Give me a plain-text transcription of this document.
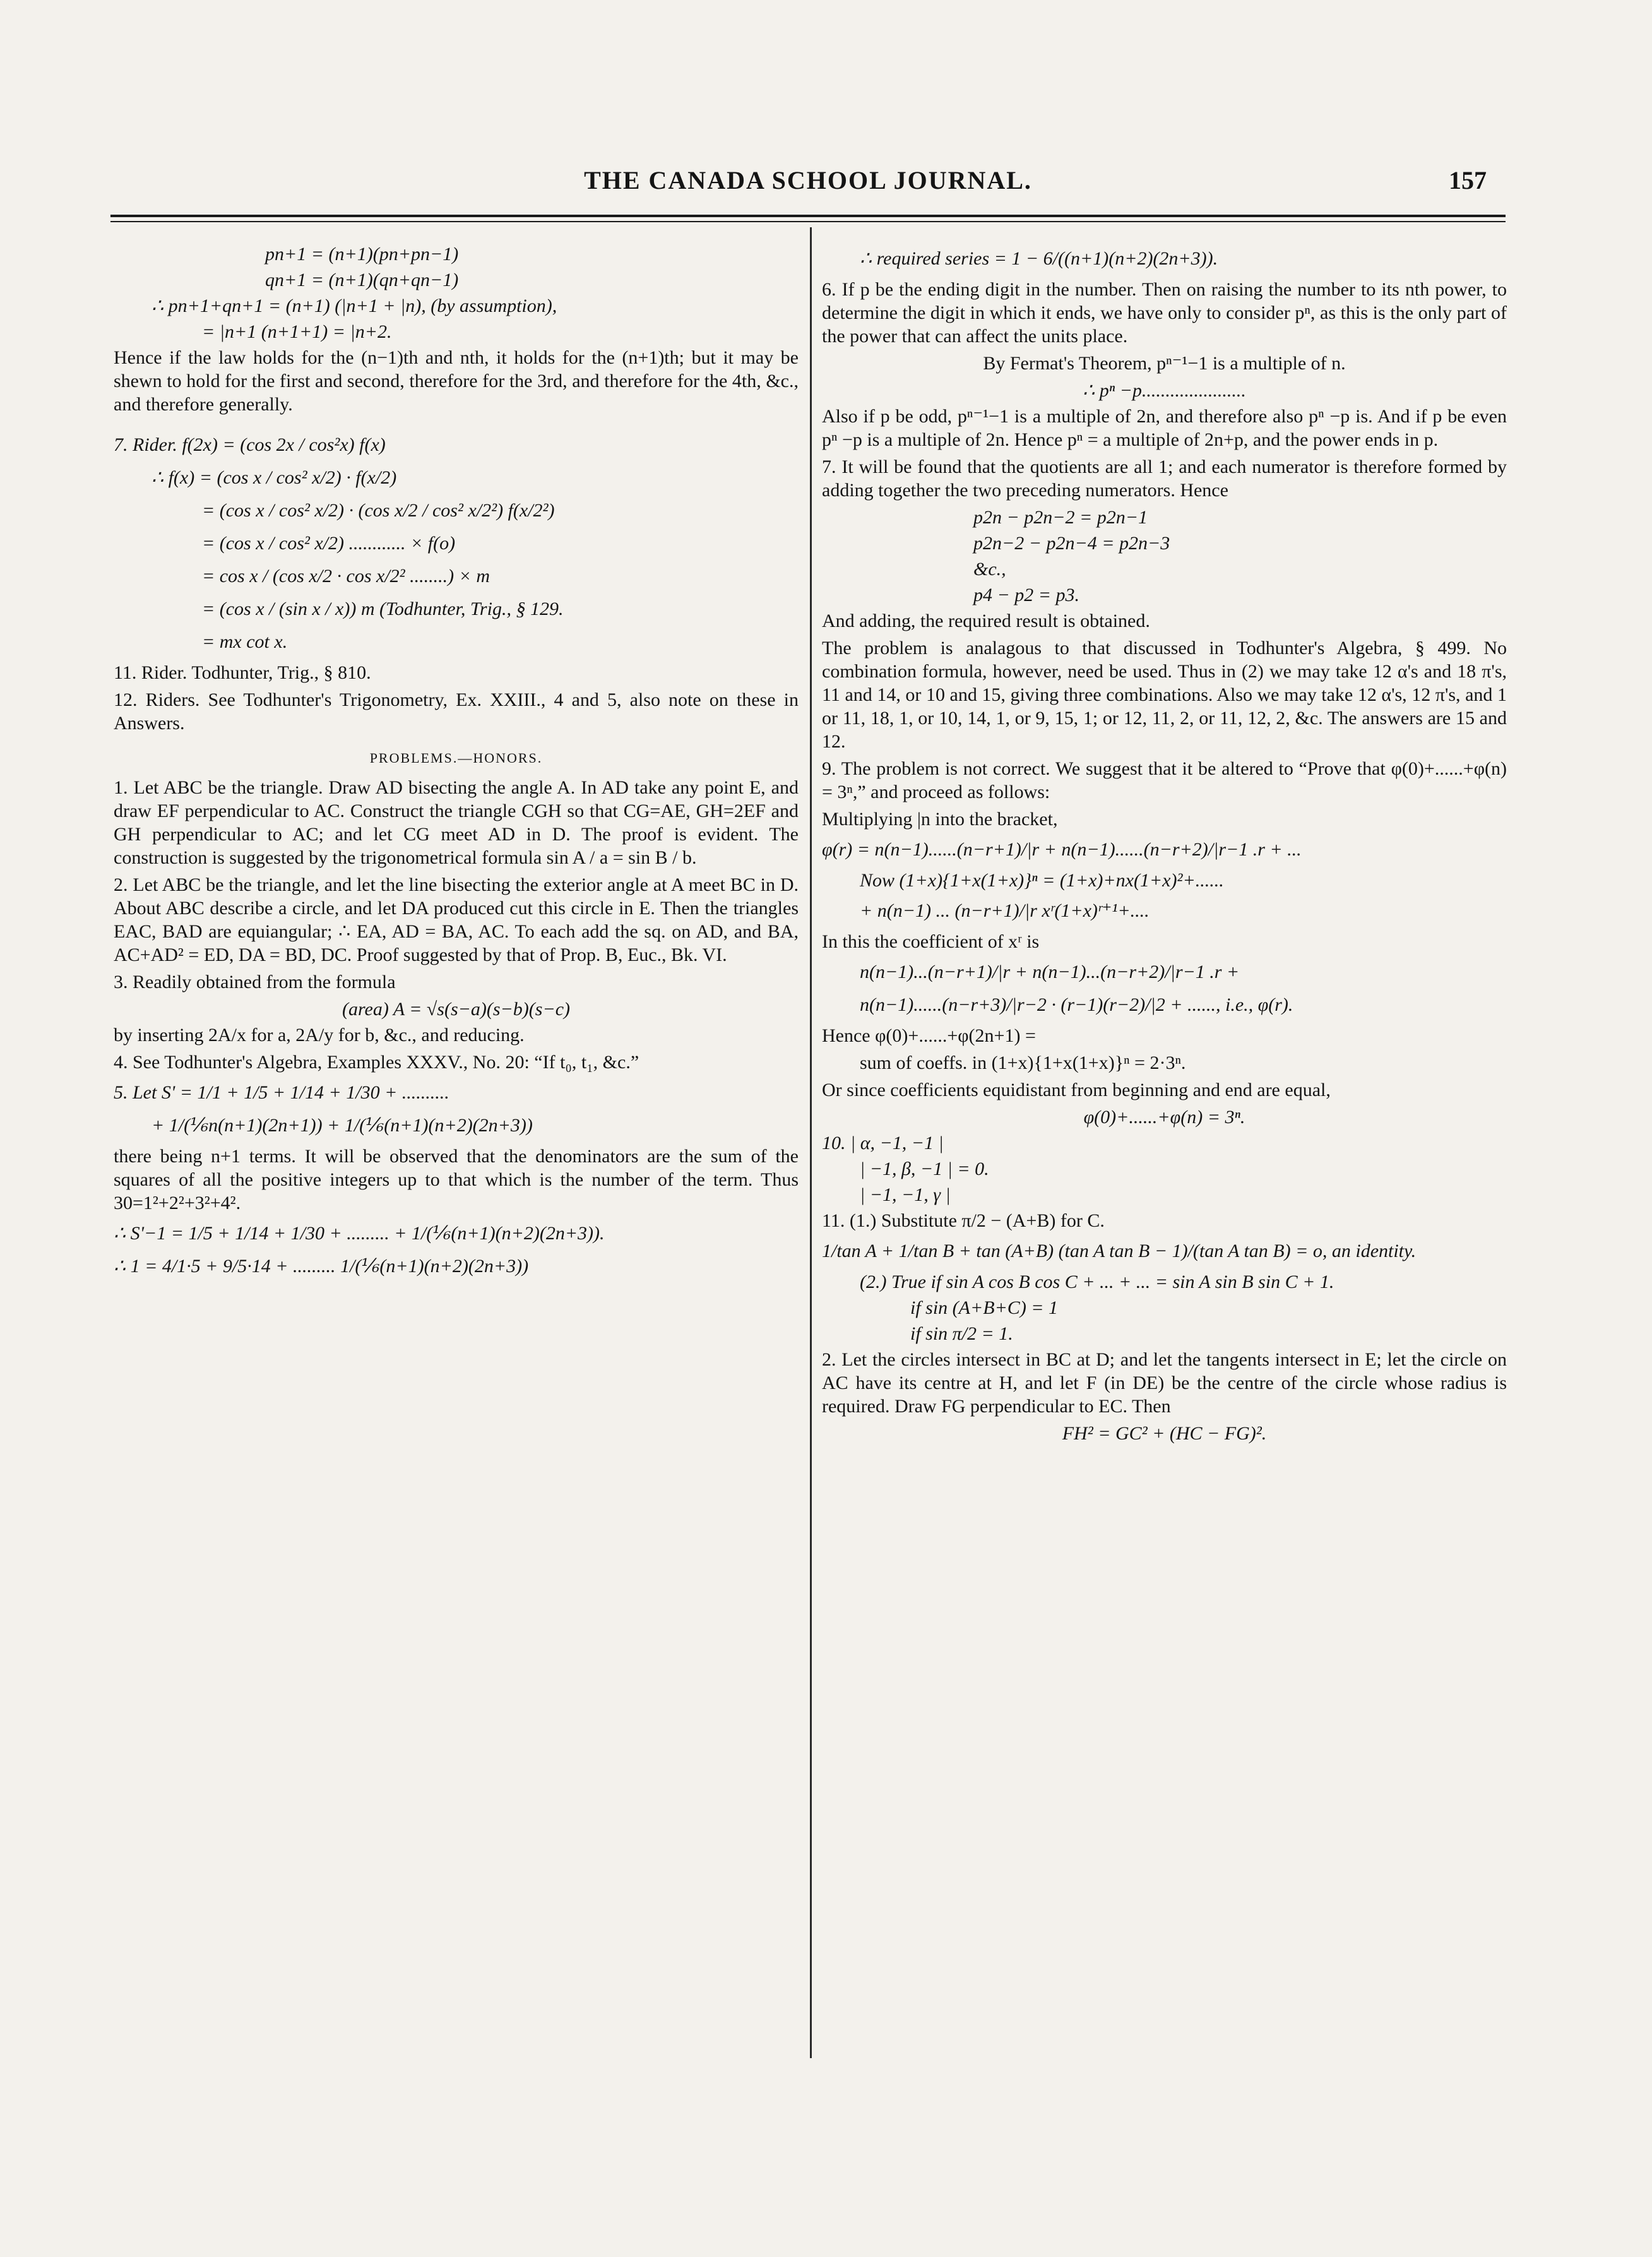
THE CANADA SCHOOL JOURNAL.	157

pn+1 = (n+1)(pn+pn−1)

qn+1 = (n+1)(qn+qn−1)

∴ pn+1+qn+1 = (n+1) (|n+1 + |n), (by assumption),

= |n+1 (n+1+1) = |n+2.

Hence if the law holds for the (n−1)th and nth, it holds for the (n+1)th; but it may be shewn to hold for the first and second, therefore for the 3rd, and therefore for the 4th, &c., and therefore generally.

7. Rider. f(2x) = (cos 2x / cos²x) f(x)

∴ f(x) = (cos x / cos² x/2) · f(x/2)

= (cos x / cos² x/2) · (cos x/2 / cos² x/2²) f(x/2²)

= (cos x / cos² x/2) ............ × f(o)

= cos x / (cos x/2 · cos x/2² ........) × m

= (cos x / (sin x / x)) m (Todhunter, Trig., § 129.

= mx cot x.

11. Rider. Todhunter, Trig., § 810.

12. Riders. See Todhunter's Trigonometry, Ex. XXIII., 4 and 5, also note on these in Answers.

PROBLEMS.—HONORS.

1. Let ABC be the triangle. Draw AD bisecting the angle A. In AD take any point E, and draw EF perpendicular to AC. Construct the triangle CGH so that CG=AE, GH=2EF and GH perpendicular to AC; and let CG meet AD in D. The proof is evident. The construction is suggested by the trigonometrical formula sin A / a = sin B / b.

2. Let ABC be the triangle, and let the line bisecting the exterior angle at A meet BC in D. About ABC describe a circle, and let DA produced cut this circle in E. Then the triangles EAC, BAD are equiangular; ∴ EA, AD = BA, AC. To each add the sq. on AD, and BA, AC+AD² = ED, DA = BD, DC. Proof suggested by that of Prop. B, Euc., Bk. VI.

3. Readily obtained from the formula

(area) A = √s(s−a)(s−b)(s−c)

by inserting 2A/x for a, 2A/y for b, &c., and reducing.

4. See Todhunter's Algebra, Examples XXXV., No. 20: “If t₀, t₁, &c.”

5. Let S' = 1/1 + 1/5 + 1/14 + 1/30 + ..........

+ 1/(⅙n(n+1)(2n+1)) + 1/(⅙(n+1)(n+2)(2n+3))

there being n+1 terms. It will be observed that the denominators are the sum of the squares of all the positive integers up to that which is the number of the term. Thus 30=1²+2²+3²+4².

∴ S'−1 = 1/5 + 1/14 + 1/30 + ......... + 1/(⅙(n+1)(n+2)(2n+3)).

∴ 1 = 4/1·5 + 9/5·14 + ......... 1/(⅙(n+1)(n+2)(2n+3))

∴ required series = 1 − 6/((n+1)(n+2)(2n+3)).

6. If p be the ending digit in the number. Then on raising the number to its nth power, to determine the digit in which it ends, we have only to consider pⁿ, as this is the only part of the power that can affect the units place.

By Fermat's Theorem, pⁿ⁻¹−1 is a multiple of n.

∴ pⁿ −p......................

Also if p be odd, pⁿ⁻¹−1 is a multiple of 2n, and therefore also pⁿ −p is. And if p be even pⁿ −p is a multiple of 2n. Hence pⁿ = a multiple of 2n+p, and the power ends in p.

7. It will be found that the quotients are all 1; and each numerator is therefore formed by adding together the two preceding numerators. Hence

p2n − p2n−2 = p2n−1

p2n−2 − p2n−4 = p2n−3

&c.,

p4 − p2 = p3.

And adding, the required result is obtained.

The problem is analagous to that discussed in Todhunter's Algebra, § 499. No combination formula, however, need be used. Thus in (2) we may take 12 α's and 18 π's, 11 and 14, or 10 and 15, giving three combinations. Also we may take 12 α's, 12 π's, and 1 or 11, 18, 1, or 10, 14, 1, or 9, 15, 1; or 12, 11, 2, or 11, 12, 2, &c. The answers are 15 and 12.

9. The problem is not correct. We suggest that it be altered to “Prove that φ(0)+......+φ(n) = 3ⁿ,” and proceed as follows:

Multiplying |n into the bracket,

φ(r) = n(n−1)......(n−r+1)/|r + n(n−1)......(n−r+2)/|r−1 .r + ...

Now (1+x){1+x(1+x)}ⁿ = (1+x)+nx(1+x)²+......

+ n(n−1) ... (n−r+1)/|r xʳ(1+x)ʳ⁺¹+....

In this the coefficient of xʳ is

n(n−1)...(n−r+1)/|r + n(n−1)...(n−r+2)/|r−1 .r +

n(n−1)......(n−r+3)/|r−2 · (r−1)(r−2)/|2 + ......, i.e., φ(r).

Hence φ(0)+......+φ(2n+1) =

sum of coeffs. in (1+x){1+x(1+x)}ⁿ = 2·3ⁿ.

Or since coefficients equidistant from beginning and end are equal,

φ(0)+......+φ(n) = 3ⁿ.

10. | α, −1, −1 |

| −1, β, −1 | = 0.

| −1, −1, γ |

11. (1.) Substitute π/2 − (A+B) for C.

1/tan A + 1/tan B + tan (A+B) (tan A tan B − 1)/(tan A tan B) = o, an identity.

(2.) True if sin A cos B cos C + ... + ... = sin A sin B sin C + 1.

if sin (A+B+C) = 1

if sin π/2 = 1.

2. Let the circles intersect in BC at D; and let the tangents intersect in E; let the circle on AC have its centre at H, and let F (in DE) be the centre of the circle whose radius is required. Draw FG perpendicular to EC. Then

FH² = GC² + (HC − FG)².
